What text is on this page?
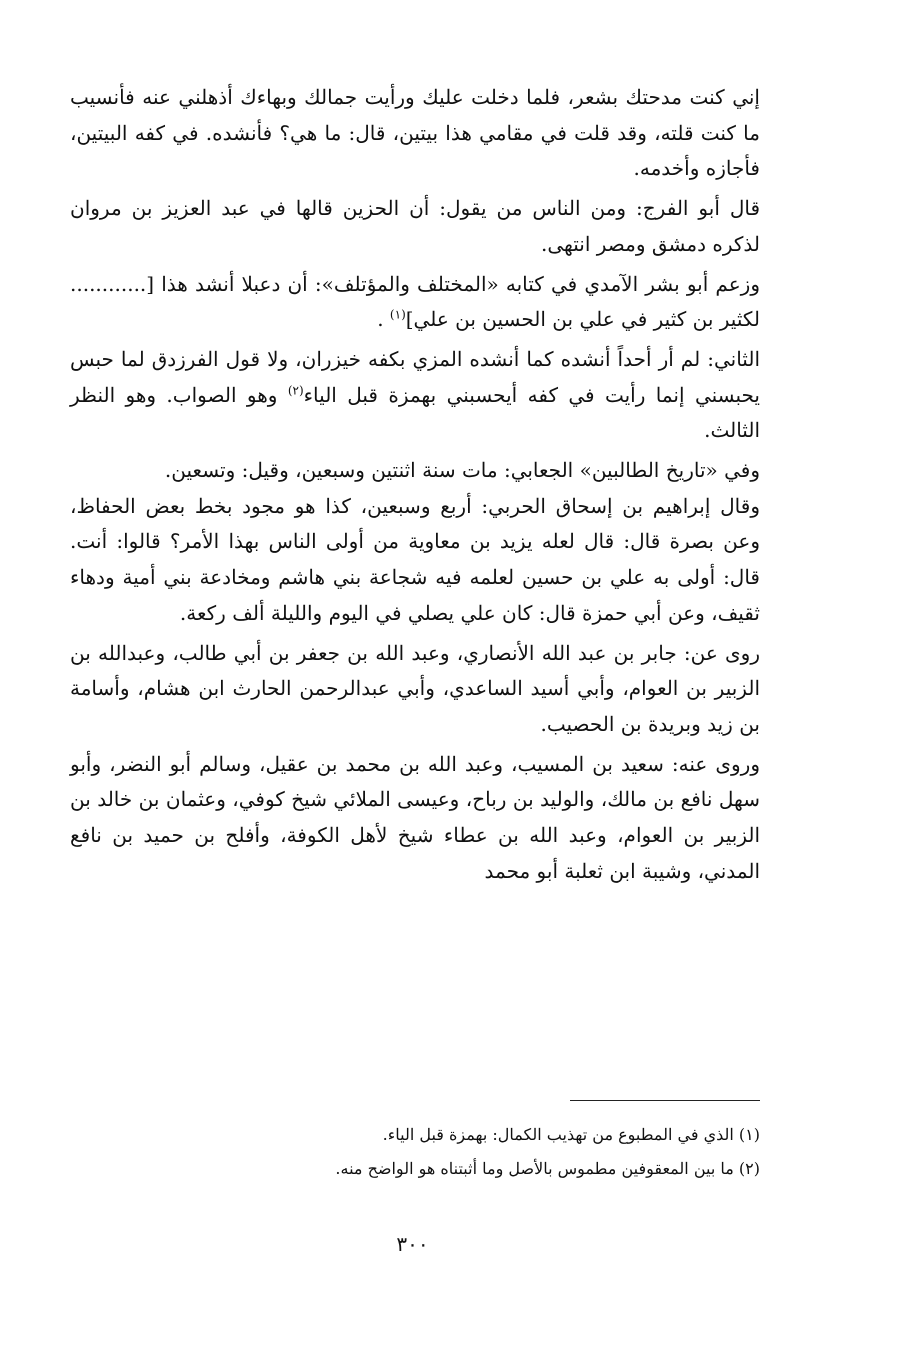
إني كنت مدحتك بشعر، فلما دخلت عليك ورأيت جمالك وبهاءك أذهلني عنه فأنسيب ما كنت قلته، وقد قلت في مقامي هذا بيتين، قال: ما هي؟ فأنشده. في كفه البيتين، فأجازه وأخدمه.

قال أبو الفرج: ومن الناس من يقول: أن الحزين قالها في عبد العزيز بن مروان لذكره دمشق ومصر انتهى.

وزعم أبو بشر الآمدي في كتابه «المختلف والمؤتلف»: أن دعبلا أنشد هذا [............ لكثير بن كثير في علي بن الحسين بن علي]$^{(١)}$ .

الثاني: لم أر أحداً أنشده كما أنشده المزي بكفه خيزران، ولا قول الفرزدق لما حبس يحبسني إنما رأيت في كفه أيحسبني بهمزة قبل الياء$^{(٢)}$ وهو الصواب. وهو النظر الثالث.

وفي «تاريخ الطالبين» الجعابي: مات سنة اثنتين وسبعين، وقيل: وتسعين.

وقال إبراهيم بن إسحاق الحربي: أربع وسبعين، كذا هو مجود بخط بعض الحفاظ، وعن بصرة قال: قال لعله يزيد بن معاوية من أولى الناس بهذا الأمر؟ قالوا: أنت. قال: أولى به علي بن حسين لعلمه فيه شجاعة بني هاشم ومخادعة بني أمية ودهاء ثقيف، وعن أبي حمزة قال: كان علي يصلي في اليوم والليلة ألف ركعة.

روى عن: جابر بن عبد الله الأنصاري، وعبد الله بن جعفر بن أبي طالب، وعبدالله بن الزبير بن العوام، وأبي أسيد الساعدي، وأبي عبدالرحمن الحارث ابن هشام، وأسامة بن زيد وبريدة بن الحصيب.

وروى عنه: سعيد بن المسيب، وعبد الله بن محمد بن عقيل، وسالم أبو النضر، وأبو سهل نافع بن مالك، والوليد بن رباح، وعيسى الملائي شيخ كوفي، وعثمان بن خالد بن الزبير بن العوام، وعبد الله بن عطاء شيخ لأهل الكوفة، وأفلح بن حميد بن نافع المدني، وشيبة ابن ثعلبة أبو محمد

(١) الذي في المطبوع من تهذيب الكمال: بهمزة قبل الياء.

(٢) ما بين المعقوفين مطموس بالأصل وما أثبتناه هو الواضح منه.

٣٠٠
